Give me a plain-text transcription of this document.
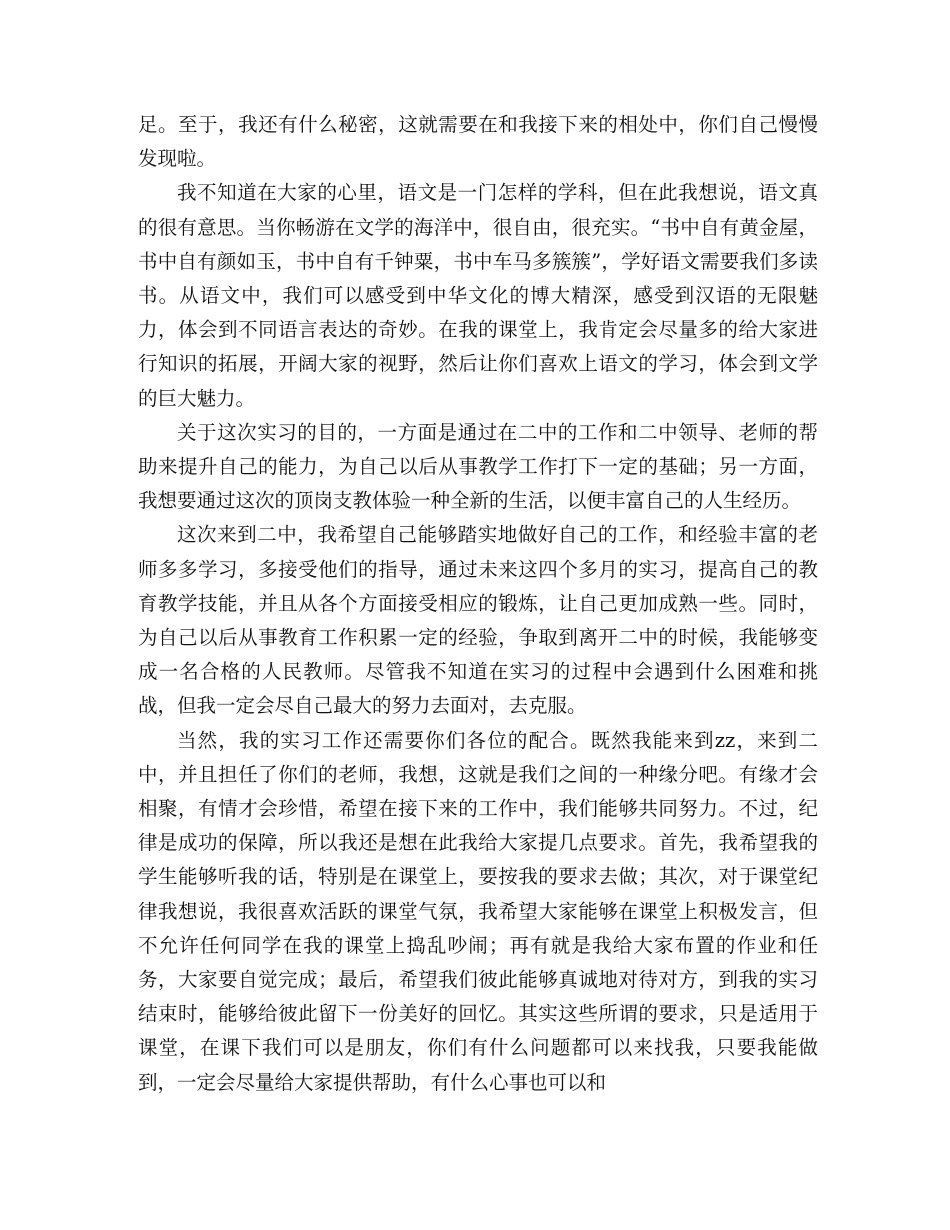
足。至于，我还有什么秘密，这就需要在和我接下来的相处中，你们自己慢慢发现啦。

我不知道在大家的心里，语文是一门怎样的学科，但在此我想说，语文真的很有意思。当你畅游在文学的海洋中，很自由，很充实。“书中自有黄金屋，书中自有颜如玉，书中自有千钟粟，书中车马多簇簇”，学好语文需要我们多读书。从语文中，我们可以感受到中华文化的博大精深，感受到汉语的无限魅力，体会到不同语言表达的奇妙。在我的课堂上，我肯定会尽量多的给大家进行知识的拓展，开阔大家的视野，然后让你们喜欢上语文的学习，体会到文学的巨大魅力。

关于这次实习的目的，一方面是通过在二中的工作和二中领导、老师的帮助来提升自己的能力，为自己以后从事教学工作打下一定的基础；另一方面，我想要通过这次的顶岗支教体验一种全新的生活，以便丰富自己的人生经历。

这次来到二中，我希望自己能够踏实地做好自己的工作，和经验丰富的老师多多学习，多接受他们的指导，通过未来这四个多月的实习，提高自己的教育教学技能，并且从各个方面接受相应的锻炼，让自己更加成熟一些。同时，为自己以后从事教育工作积累一定的经验，争取到离开二中的时候，我能够变成一名合格的人民教师。尽管我不知道在实习的过程中会遇到什么困难和挑战，但我一定会尽自己最大的努力去面对，去克服。

当然，我的实习工作还需要你们各位的配合。既然我能来到zz，来到二中，并且担任了你们的老师，我想，这就是我们之间的一种缘分吧。有缘才会相聚，有情才会珍惜，希望在接下来的工作中，我们能够共同努力。不过，纪律是成功的保障，所以我还是想在此我给大家提几点要求。首先，我希望我的学生能够听我的话，特别是在课堂上，要按我的要求去做；其次，对于课堂纪律我想说，我很喜欢活跃的课堂气氛，我希望大家能够在课堂上积极发言，但不允许任何同学在我的课堂上捣乱吵闹；再有就是我给大家布置的作业和任务，大家要自觉完成；最后，希望我们彼此能够真诚地对待对方，到我的实习结束时，能够给彼此留下一份美好的回忆。其实这些所谓的要求，只是适用于课堂，在课下我们可以是朋友，你们有什么问题都可以来找我，只要我能做到，一定会尽量给大家提供帮助，有什么心事也可以和
